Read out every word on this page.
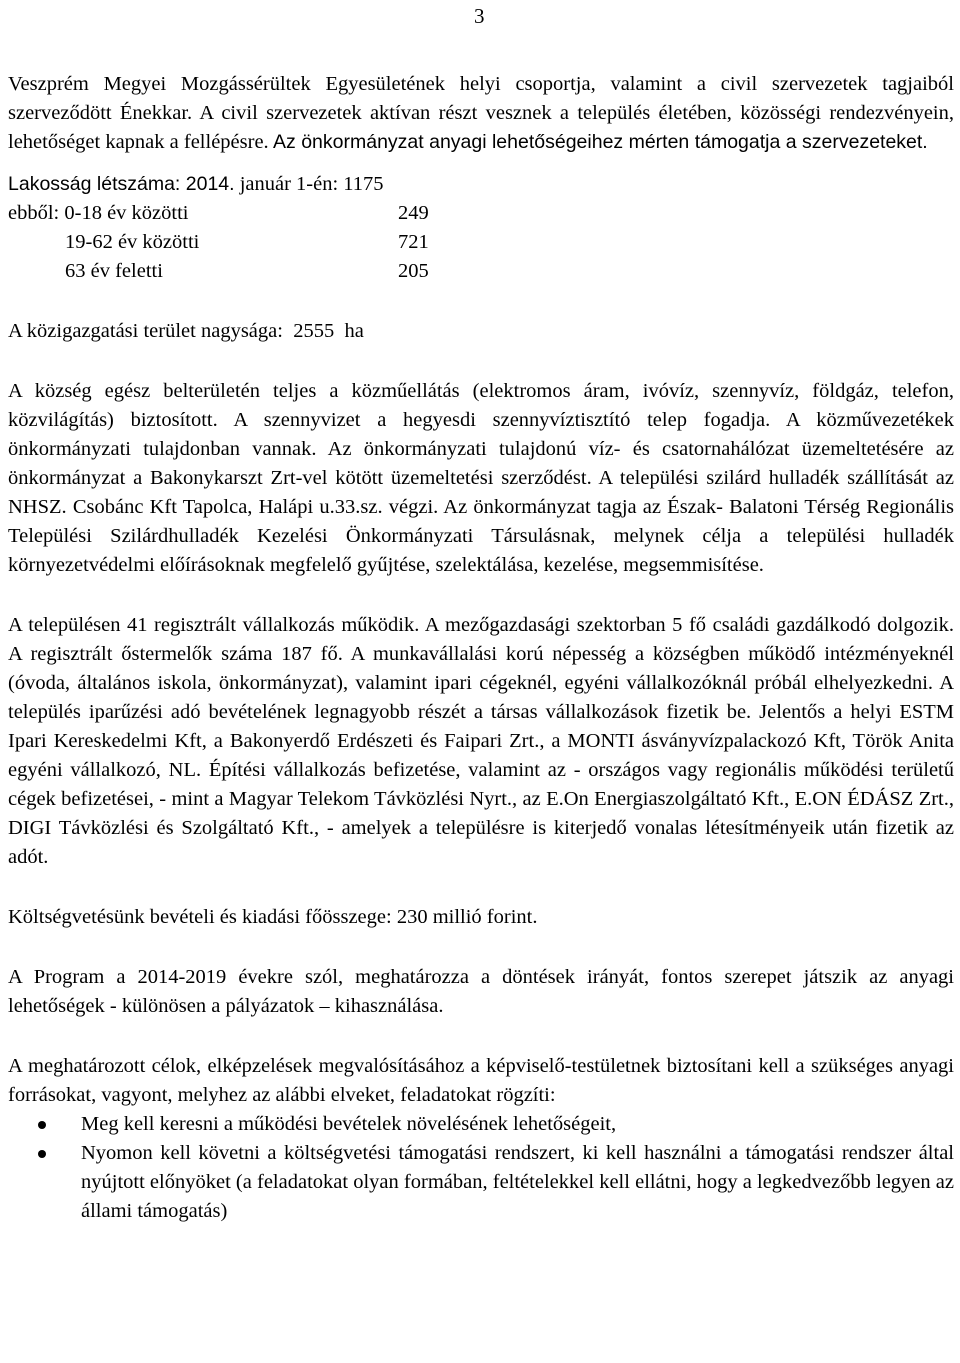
3

Veszprém Megyei Mozgássérültek Egyesületének helyi csoportja, valamint a civil szervezetek tagjaiból szerveződött Énekkar. A civil szervezetek aktívan részt vesznek a település életében, közösségi rendezvényein, lehetőséget kapnak a fellépésre. Az önkormányzat anyagi lehetőségeihez mérten támogatja a szervezeteket.

Lakosság létszáma: 2014. január 1-én: 1175
ebből: 0-18 év közötti	249
19-62 év közötti	721
63 év feletti	205

A közigazgatási terület nagysága:  2555  ha

A község egész belterületén teljes a közműellátás (elektromos áram, ivóvíz, szennyvíz, földgáz, telefon, közvilágítás) biztosított. A szennyvizet a hegyesdi szennyvíztisztító telep fogadja. A közművezetékek önkormányzati tulajdonban vannak. Az önkormányzati tulajdonú víz- és csatornahálózat üzemeltetésére az önkormányzat a Bakonykarszt Zrt-vel kötött üzemeltetési szerződést. A települési szilárd hulladék szállítását az NHSZ. Csobánc Kft Tapolca, Halápi u.33.sz. végzi. Az önkormányzat tagja az Észak- Balatoni Térség Regionális Települési Szilárdhulladék Kezelési Önkormányzati Társulásnak, melynek célja a települési hulladék környezetvédelmi előírásoknak megfelelő gyűjtése, szelektálása, kezelése, megsemmisítése.

A településen 41 regisztrált vállalkozás működik. A mezőgazdasági szektorban 5 fő családi gazdálkodó dolgozik. A regisztrált őstermelők száma 187 fő. A munkavállalási korú népesség a községben működő intézményeknél (óvoda, általános iskola, önkormányzat), valamint ipari cégeknél, egyéni vállalkozóknál próbál elhelyezkedni. A település iparűzési adó bevételének legnagyobb részét a társas vállalkozások fizetik be. Jelentős a helyi ESTM Ipari Kereskedelmi Kft, a Bakonyerdő Erdészeti és Faipari Zrt., a MONTI ásványvízpalackozó Kft, Török Anita egyéni vállalkozó, NL. Építési vállalkozás befizetése, valamint az - országos vagy regionális működési területű cégek befizetései, - mint a Magyar Telekom Távközlési Nyrt., az E.On Energiaszolgáltató Kft., E.ON ÉDÁSZ Zrt., DIGI Távközlési és Szolgáltató Kft., - amelyek a településre is kiterjedő vonalas létesítményeik után fizetik az adót.

Költségvetésünk bevételi és kiadási főösszege: 230 millió forint.

A Program a 2014-2019 évekre szól, meghatározza a döntések irányát, fontos szerepet játszik az anyagi lehetőségek - különösen a pályázatok – kihasználása.

A meghatározott célok, elképzelések megvalósításához a képviselő-testületnek biztosítani kell a szükséges anyagi forrásokat, vagyont, melyhez az alábbi elveket, feladatokat rögzíti:

Meg kell keresni a működési bevételek növelésének lehetőségeit,
Nyomon kell követni a költségvetési támogatási rendszert, ki kell használni a támogatási rendszer által nyújtott előnyöket (a feladatokat olyan formában, feltételekkel kell ellátni, hogy a legkedvezőbb legyen az állami támogatás)
